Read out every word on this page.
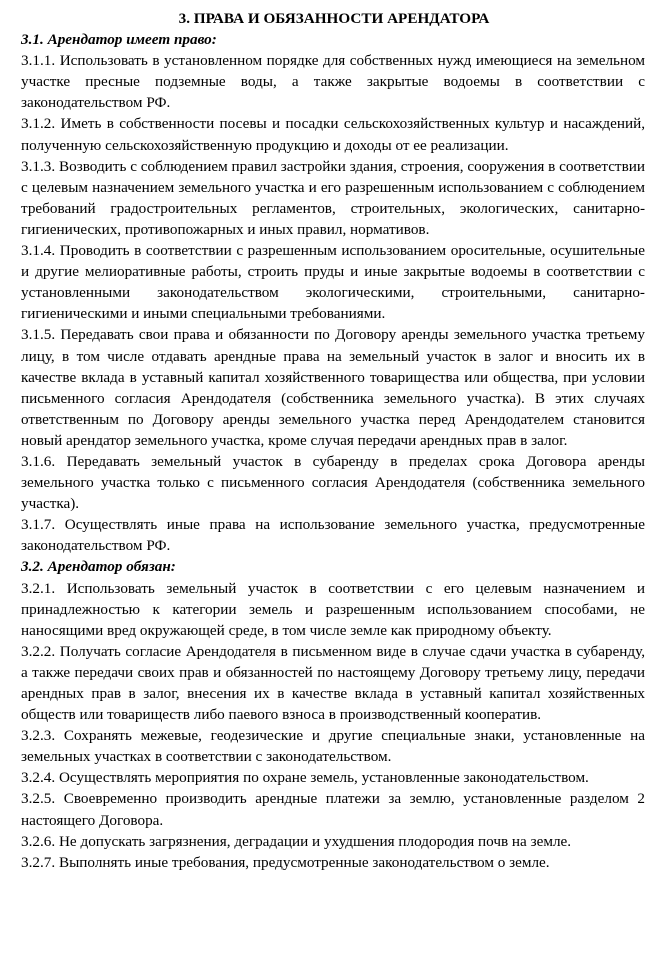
3. ПРАВА И ОБЯЗАННОСТИ АРЕНДАТОРА

3.1. Арендатор имеет право:

3.1.1. Использовать в установленном порядке для собственных нужд имеющиеся на земельном участке пресные подземные воды, а также закрытые водоемы в соответствии с законодательством РФ.

3.1.2. Иметь в собственности посевы и посадки сельскохозяйственных культур и насаждений, полученную сельскохозяйственную продукцию и доходы от ее реализации.

3.1.3. Возводить с соблюдением правил застройки здания, строения, сооружения в соответствии с целевым назначением земельного участка и его разрешенным использованием с соблюдением требований градостроительных регламентов, строительных, экологических, санитарно-гигиенических, противопожарных и иных правил, нормативов.

3.1.4. Проводить в соответствии с разрешенным использованием оросительные, осушительные и другие мелиоративные работы, строить пруды и иные закрытые водоемы в соответствии с установленными законодательством экологическими, строительными, санитарно-гигиеническими и иными специальными требованиями.

3.1.5. Передавать свои права и обязанности по Договору аренды земельного участка третьему лицу, в том числе отдавать арендные права на земельный участок в залог и вносить их в качестве вклада в уставный капитал хозяйственного товарищества или общества, при условии письменного согласия Арендодателя (собственника земельного участка). В этих случаях ответственным по Договору аренды земельного участка перед Арендодателем становится новый арендатор земельного участка, кроме случая передачи арендных прав в залог.

3.1.6. Передавать земельный участок в субаренду в пределах срока Договора аренды земельного участка только с письменного согласия Арендодателя (собственника земельного участка).

3.1.7. Осуществлять иные права на использование земельного участка, предусмотренные законодательством РФ.

3.2. Арендатор обязан:

3.2.1. Использовать земельный участок в соответствии с его целевым назначением и принадлежностью к категории земель и разрешенным использованием способами, не наносящими вред окружающей среде, в том числе земле как природному объекту.

3.2.2. Получать согласие Арендодателя в письменном виде в случае сдачи участка в субаренду, а также передачи своих прав и обязанностей по настоящему Договору третьему лицу, передачи арендных прав в залог, внесения их в качестве вклада в уставный капитал хозяйственных обществ или товариществ либо паевого взноса в производственный кооператив.

3.2.3. Сохранять межевые, геодезические и другие специальные знаки, установленные на земельных участках в соответствии с законодательством.

3.2.4. Осуществлять мероприятия по охране земель, установленные законодательством.

3.2.5. Своевременно производить арендные платежи за землю, установленные разделом 2 настоящего Договора.

3.2.6. Не допускать загрязнения, деградации и ухудшения плодородия почв на земле.

3.2.7. Выполнять иные требования, предусмотренные законодательством о земле.
